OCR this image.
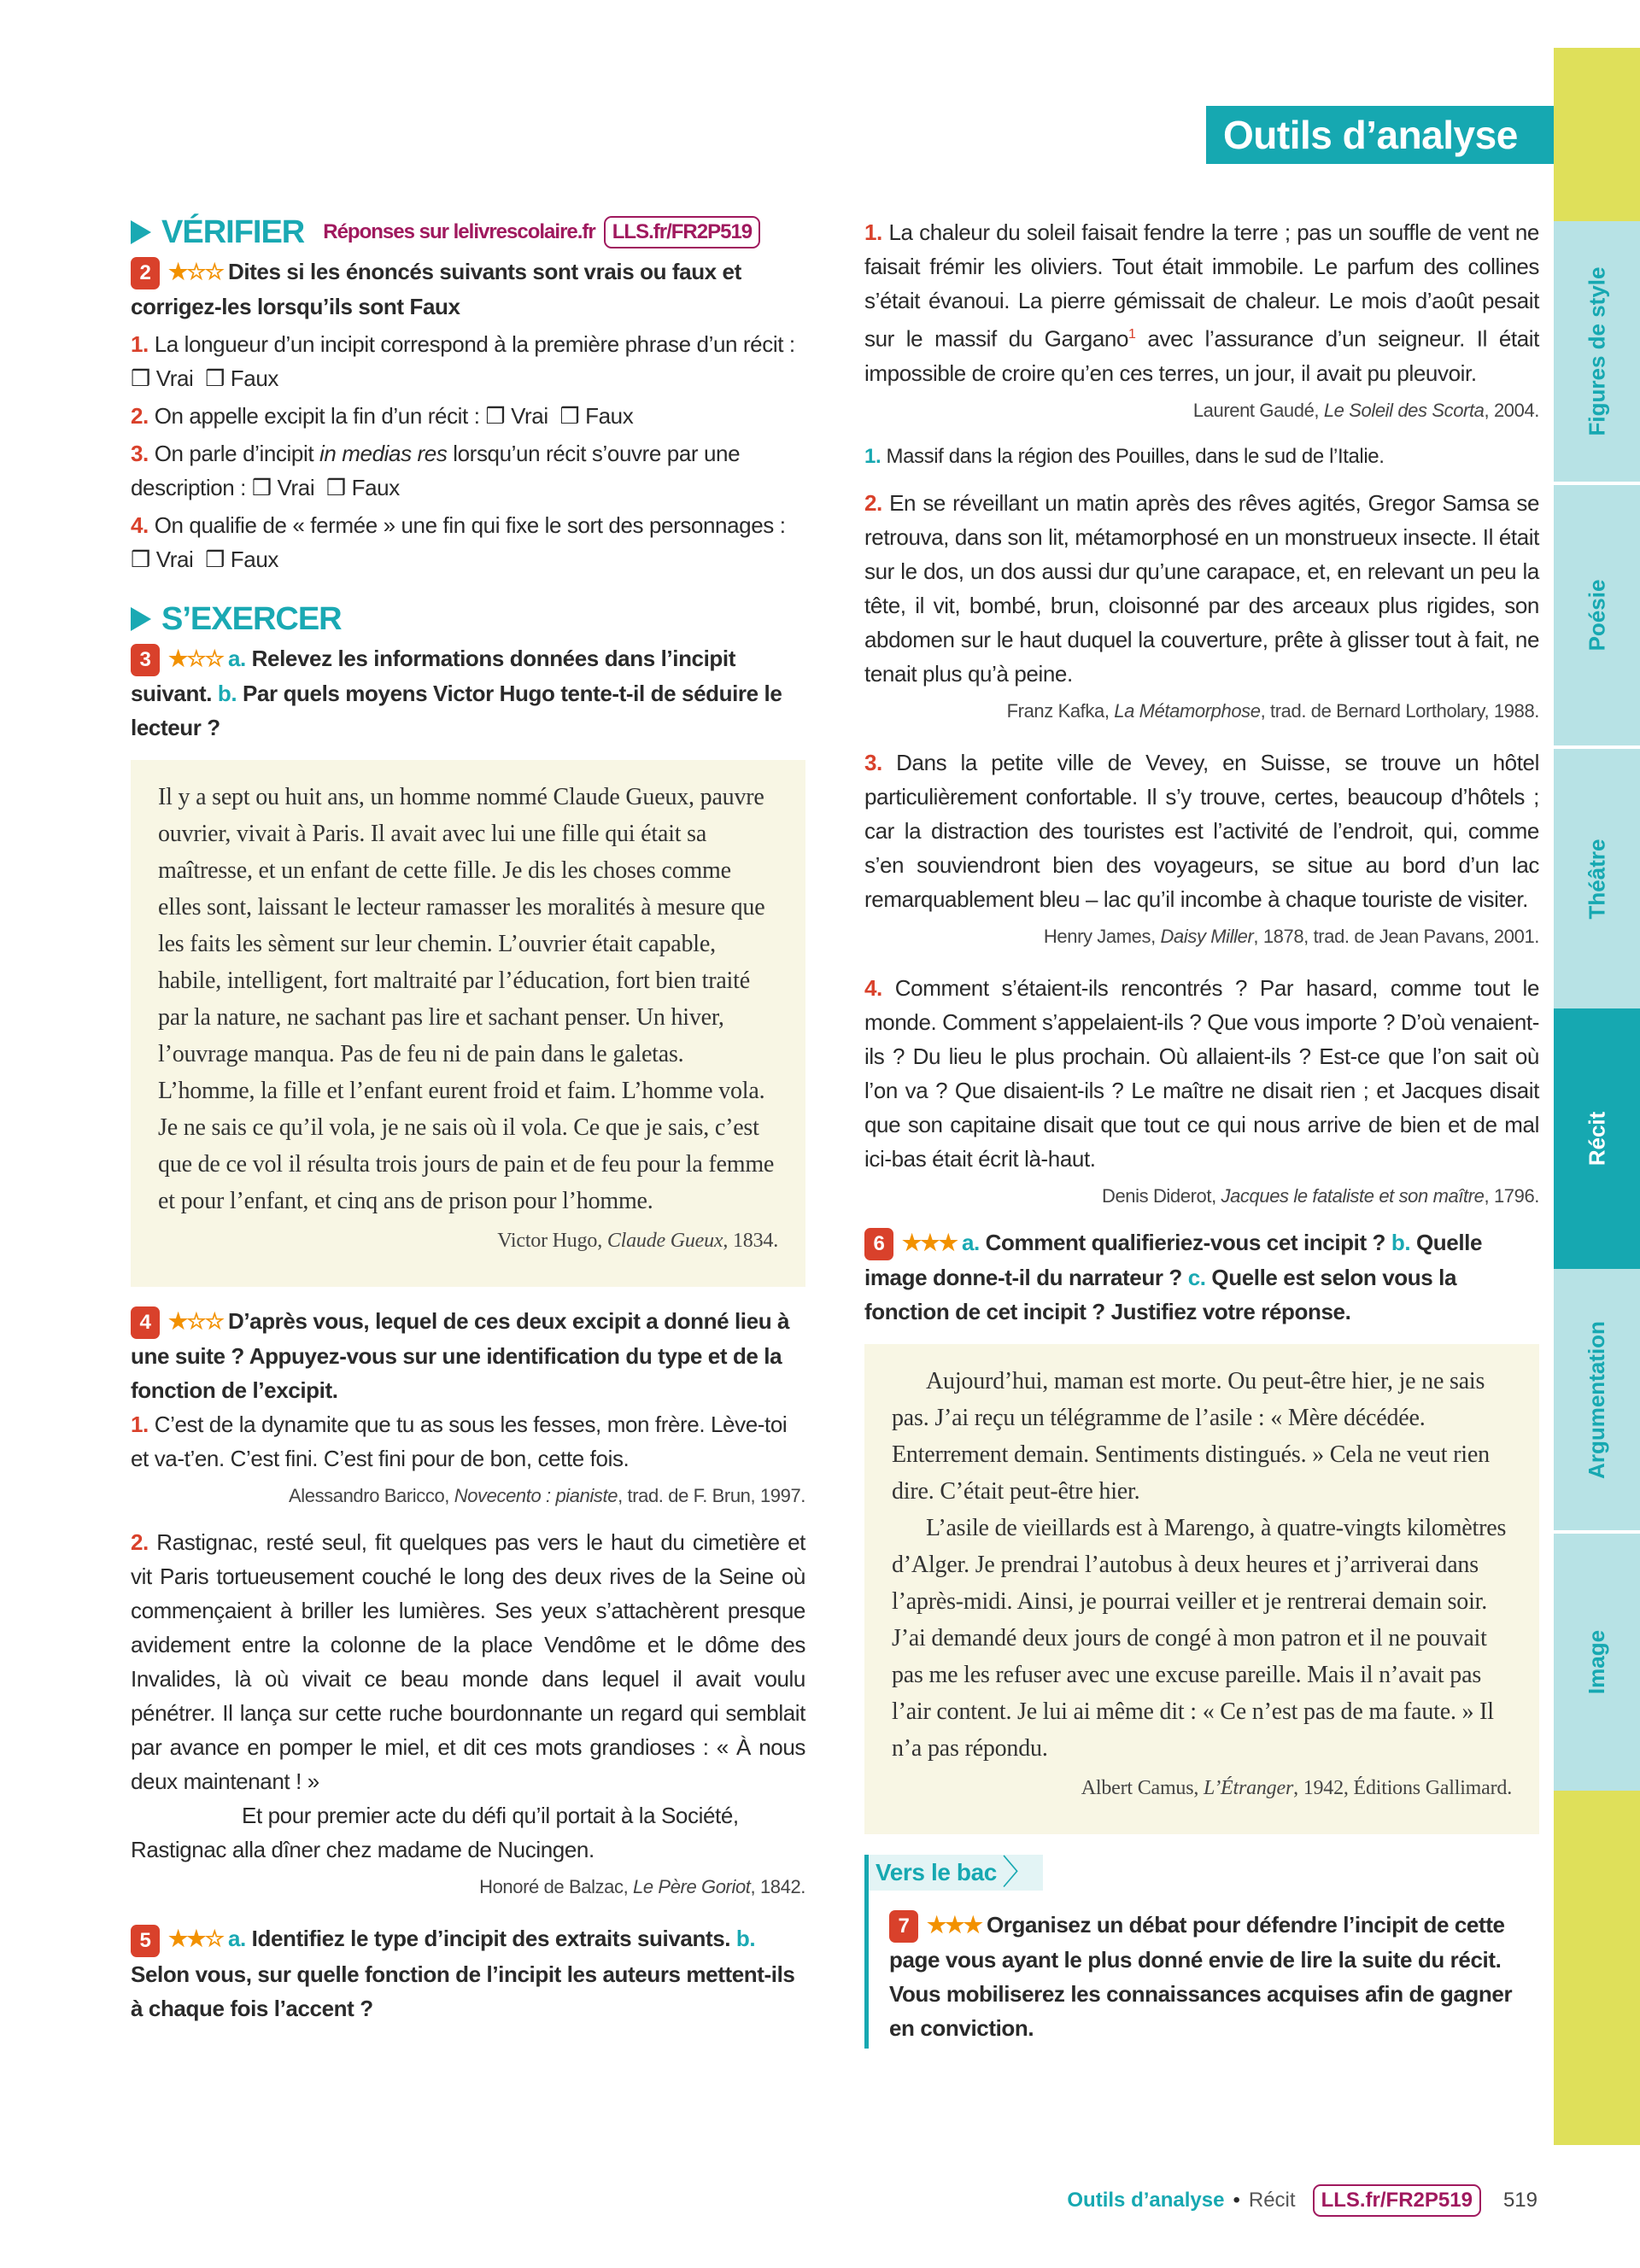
Outils d’analyse
Figures de style
Poésie
Théâtre
Récit
Argumentation
Image
VÉRIFIER Réponses sur lelivrescolaire.fr LLS.fr/FR2P519
2 ★☆☆ Dites si les énoncés suivants sont vrais ou faux et corrigez-les lorsqu’ils sont Faux
1. La longueur d’un incipit correspond à la première phrase d’un récit : ❒ Vrai ❒ Faux
2. On appelle excipit la fin d’un récit : ❒ Vrai ❒ Faux
3. On parle d’incipit in medias res lorsqu’un récit s’ouvre par une description : ❒ Vrai ❒ Faux
4. On qualifie de « fermée » une fin qui fixe le sort des personnages : ❒ Vrai ❒ Faux
S’EXERCER
3 ★☆☆ a. Relevez les informations données dans l’incipit suivant. b. Par quels moyens Victor Hugo tente-t-il de séduire le lecteur ?
Il y a sept ou huit ans, un homme nommé Claude Gueux, pauvre ouvrier, vivait à Paris. Il avait avec lui une fille qui était sa maîtresse, et un enfant de cette fille. Je dis les choses comme elles sont, laissant le lecteur ramasser les moralités à mesure que les faits les sèment sur leur chemin. L’ouvrier était capable, habile, intelligent, fort maltraité par l’éducation, fort bien traité par la nature, ne sachant pas lire et sachant penser. Un hiver, l’ouvrage manqua. Pas de feu ni de pain dans le galetas. L’homme, la fille et l’enfant eurent froid et faim. L’homme vola. Je ne sais ce qu’il vola, je ne sais où il vola. Ce que je sais, c’est que de ce vol il résulta trois jours de pain et de feu pour la femme et pour l’enfant, et cinq ans de prison pour l’homme.
Victor Hugo, Claude Gueux, 1834.
4 ★☆☆ D’après vous, lequel de ces deux excipit a donné lieu à une suite ? Appuyez-vous sur une identification du type et de la fonction de l’excipit.
1. C’est de la dynamite que tu as sous les fesses, mon frère. Lève-toi et va-t’en. C’est fini. C’est fini pour de bon, cette fois.
Alessandro Baricco, Novecento : pianiste, trad. de F. Brun, 1997.
2. Rastignac, resté seul, fit quelques pas vers le haut du cimetière et vit Paris tortueusement couché le long des deux rives de la Seine où commençaient à briller les lumières. Ses yeux s’attachèrent presque avidement entre la colonne de la place Vendôme et le dôme des Invalides, là où vivait ce beau monde dans lequel il avait voulu pénétrer. Il lança sur cette ruche bourdonnante un regard qui semblait par avance en pomper le miel, et dit ces mots grandioses : « À nous deux maintenant ! »
Et pour premier acte du défi qu’il portait à la Société, Rastignac alla dîner chez madame de Nucingen.
Honoré de Balzac, Le Père Goriot, 1842.
5 ★★☆ a. Identifiez le type d’incipit des extraits suivants. b. Selon vous, sur quelle fonction de l’incipit les auteurs mettent-ils à chaque fois l’accent ?
1. La chaleur du soleil faisait fendre la terre ; pas un souffle de vent ne faisait frémir les oliviers. Tout était immobile. Le parfum des collines s’était évanoui. La pierre gémissait de chaleur. Le mois d’août pesait sur le massif du Gargano$^1$ avec l’assurance d’un seigneur. Il était impossible de croire qu’en ces terres, un jour, il avait pu pleuvoir.
Laurent Gaudé, Le Soleil des Scorta, 2004.
1. Massif dans la région des Pouilles, dans le sud de l’Italie.
2. En se réveillant un matin après des rêves agités, Gregor Samsa se retrouva, dans son lit, métamorphosé en un monstrueux insecte. Il était sur le dos, un dos aussi dur qu’une carapace, et, en relevant un peu la tête, il vit, bombé, brun, cloisonné par des arceaux plus rigides, son abdomen sur le haut duquel la couverture, prête à glisser tout à fait, ne tenait plus qu’à peine.
Franz Kafka, La Métamorphose, trad. de Bernard Lortholary, 1988.
3. Dans la petite ville de Vevey, en Suisse, se trouve un hôtel particulièrement confortable. Il s’y trouve, certes, beaucoup d’hôtels ; car la distraction des touristes est l’activité de l’endroit, qui, comme s’en souviendront bien des voyageurs, se situe au bord d’un lac remarquablement bleu – lac qu’il incombe à chaque touriste de visiter.
Henry James, Daisy Miller, 1878, trad. de Jean Pavans, 2001.
4. Comment s’étaient-ils rencontrés ? Par hasard, comme tout le monde. Comment s’appelaient-ils ? Que vous importe ? D’où venaient-ils ? Du lieu le plus prochain. Où allaient-ils ? Est-ce que l’on sait où l’on va ? Que disaient-ils ? Le maître ne disait rien ; et Jacques disait que son capitaine disait que tout ce qui nous arrive de bien et de mal ici-bas était écrit là-haut.
Denis Diderot, Jacques le fataliste et son maître, 1796.
6 ★★★ a. Comment qualifieriez-vous cet incipit ? b. Quelle image donne-t-il du narrateur ? c. Quelle est selon vous la fonction de cet incipit ? Justifiez votre réponse.

Aujourd’hui, maman est morte. Ou peut-être hier, je ne sais pas. J’ai reçu un télégramme de l’asile : « Mère décédée. Enterrement demain. Sentiments distingués. » Cela ne veut rien dire. C’était peut-être hier.

L’asile de vieillards est à Marengo, à quatre-vingts kilomètres d’Alger. Je prendrai l’autobus à deux heures et j’arriverai dans l’après-midi. Ainsi, je pourrai veiller et je rentrerai demain soir. J’ai demandé deux jours de congé à mon patron et il ne pouvait pas me les refuser avec une excuse pareille. Mais il n’avait pas l’air content. Je lui ai même dit : « Ce n’est pas de ma faute. » Il n’a pas répondu.

Albert Camus, L’Étranger, 1942, Éditions Gallimard.
Vers le bac 〉
7 ★★★ Organisez un débat pour défendre l’incipit de cette page vous ayant le plus donné envie de lire la suite du récit. Vous mobiliserez les connaissances acquises afin de gagner en conviction.
Outils d’analyse • Récit	LLS.fr/FR2P519	519
